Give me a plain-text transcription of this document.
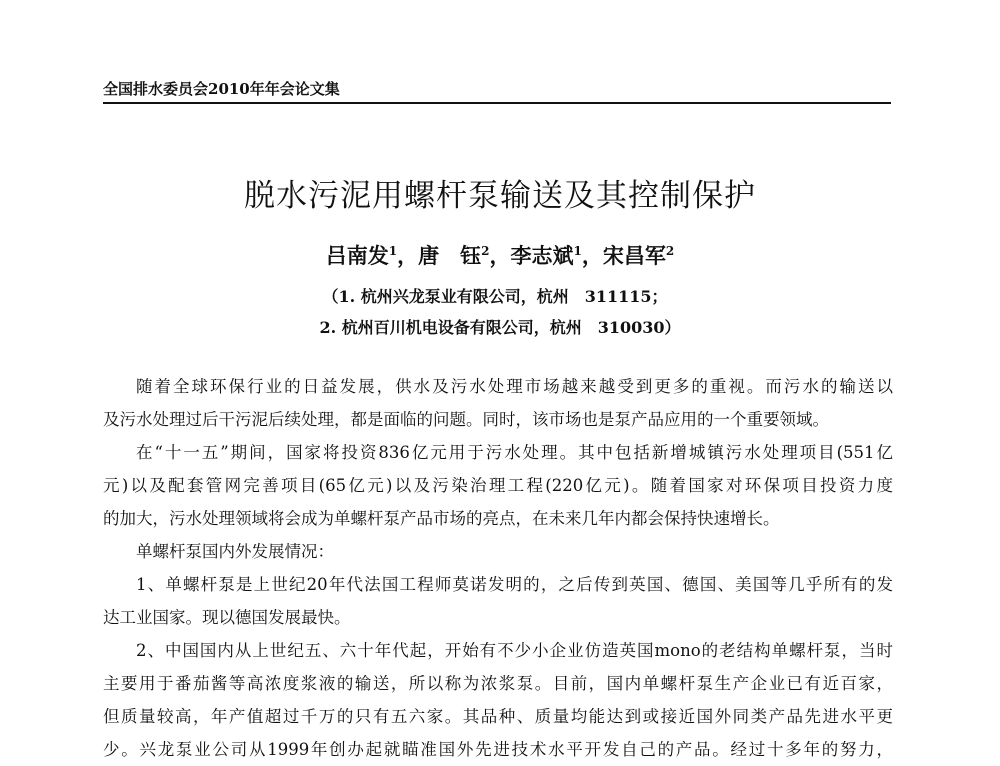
全国排水委员会2010年年会论文集
脱水污泥用螺杆泵输送及其控制保护
吕南发$^1$，唐　钰$^2$，李志斌$^1$，宋昌军$^2$
（1. 杭州兴龙泵业有限公司，杭州　311115；
2. 杭州百川机电设备有限公司，杭州　310030）
随着全球环保行业的日益发展，供水及污水处理市场越来越受到更多的重视。而污水的输送以
及污水处理过后干污泥后续处理，都是面临的问题。同时，该市场也是泵产品应用的一个重要领域。
在“十一五”期间，国家将投资836亿元用于污水处理。其中包括新增城镇污水处理项目(551亿
元)以及配套管网完善项目(65亿元)以及污染治理工程(220亿元)。随着国家对环保项目投资力度
的加大，污水处理领域将会成为单螺杆泵产品市场的亮点，在未来几年内都会保持快速增长。
单螺杆泵国内外发展情况：
1、单螺杆泵是上世纪20年代法国工程师莫诺发明的，之后传到英国、德国、美国等几乎所有的发
达工业国家。现以德国发展最快。
2、中国国内从上世纪五、六十年代起，开始有不少小企业仿造英国mono的老结构单螺杆泵，当时
主要用于番茄酱等高浓度浆液的输送，所以称为浓浆泵。目前，国内单螺杆泵生产企业已有近百家，
但质量较高，年产值超过千万的只有五六家。其品种、质量均能达到或接近国外同类产品先进水平更
少。兴龙泵业公司从1999年创办起就瞄准国外先进技术水平开发自己的产品。经过十多年的努力，
